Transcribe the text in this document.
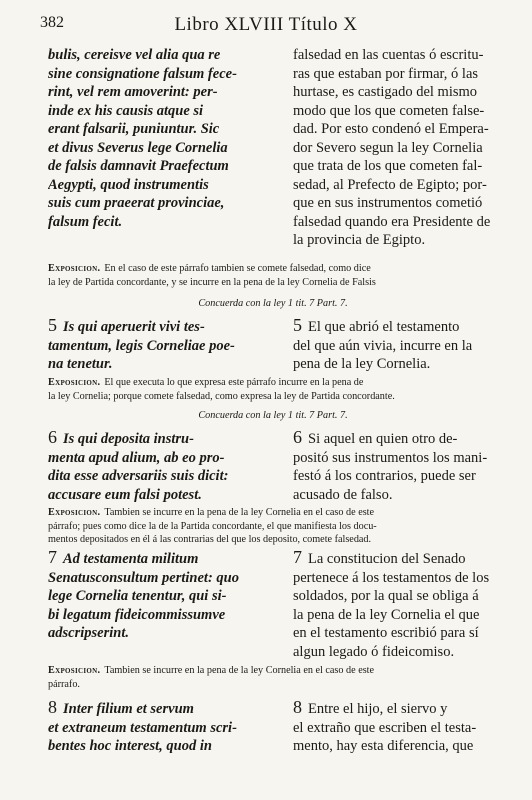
382	Libro XLVIII Título X
bulis, cereisve vel alia qua re
sine consignatione falsum fece-
rint, vel rem amoverint: per-
inde ex his causis atque si
erant falsarii, puniuntur. Sic
et divus Severus lege Cornelia
de falsis damnavit Praefectum
Aegypti, quod instrumentis
suis cum praeerat provinciae,
falsum fecit.
falsedad en las cuentas ó escritu-
ras que estaban por firmar, ó las
hurtase, es castigado del mismo
modo que los que cometen false-
dad. Por esto condenó el Empera-
dor Severo segun la ley Cornelia
que trata de los que cometen fal-
sedad, al Prefecto de Egipto; por-
que en sus instrumentos cometió
falsedad quando era Presidente de
la provincia de Egipto.
Exposicion. En el caso de este párrafo tambien se comete falsedad, como dice
la ley de Partida concordante, y se incurre en la pena de la ley Cornelia de Falsis
Concuerda con la ley 1 tit. 7 Part. 7.
5 Is qui aperuerit vivi tes-
tamentum, legis Corneliae poe-
na tenetur.
5 El que abrió el testamento
del que aún vivia, incurre en la
pena de la ley Cornelia.
Exposicion. El que executa lo que expresa este párrafo incurre en la pena de
la ley Cornelia; porque comete falsedad, como expresa la ley de Partida concordante.
Concuerda con la ley 1 tit. 7 Part. 7.
6 Is qui deposita instru-
menta apud alium, ab eo pro-
dita esse adversariis suis dicit:
accusare eum falsi potest.
6 Si aquel en quien otro de-
positó sus instrumentos los mani-
festó á los contrarios, puede ser
acusado de falso.
Exposicion. Tambien se incurre en la pena de la ley Cornelia en el caso de este
párrafo; pues como dice la de la Partida concordante, el que manifiesta los docu-
mentos depositados en él á las contrarias del que los deposito, comete falsedad.
7 Ad testamenta militum
Senatusconsultum pertinet: quo
lege Cornelia tenentur, qui si-
bi legatum fideicommissumve
adscripserint.
7 La constitucion del Senado
pertenece á los testamentos de los
soldados, por la qual se obliga á
la pena de la ley Cornelia el que
en el testamento escribió para sí
algun legado ó fideicomiso.
Exposicion. Tambien se incurre en la pena de la ley Cornelia en el caso de este
párrafo.
8 Inter filium et servum
et extraneum testamentum scri-
bentes hoc interest, quod in
8 Entre el hijo, el siervo y
el extraño que escriben el testa-
mento, hay esta diferencia, que
